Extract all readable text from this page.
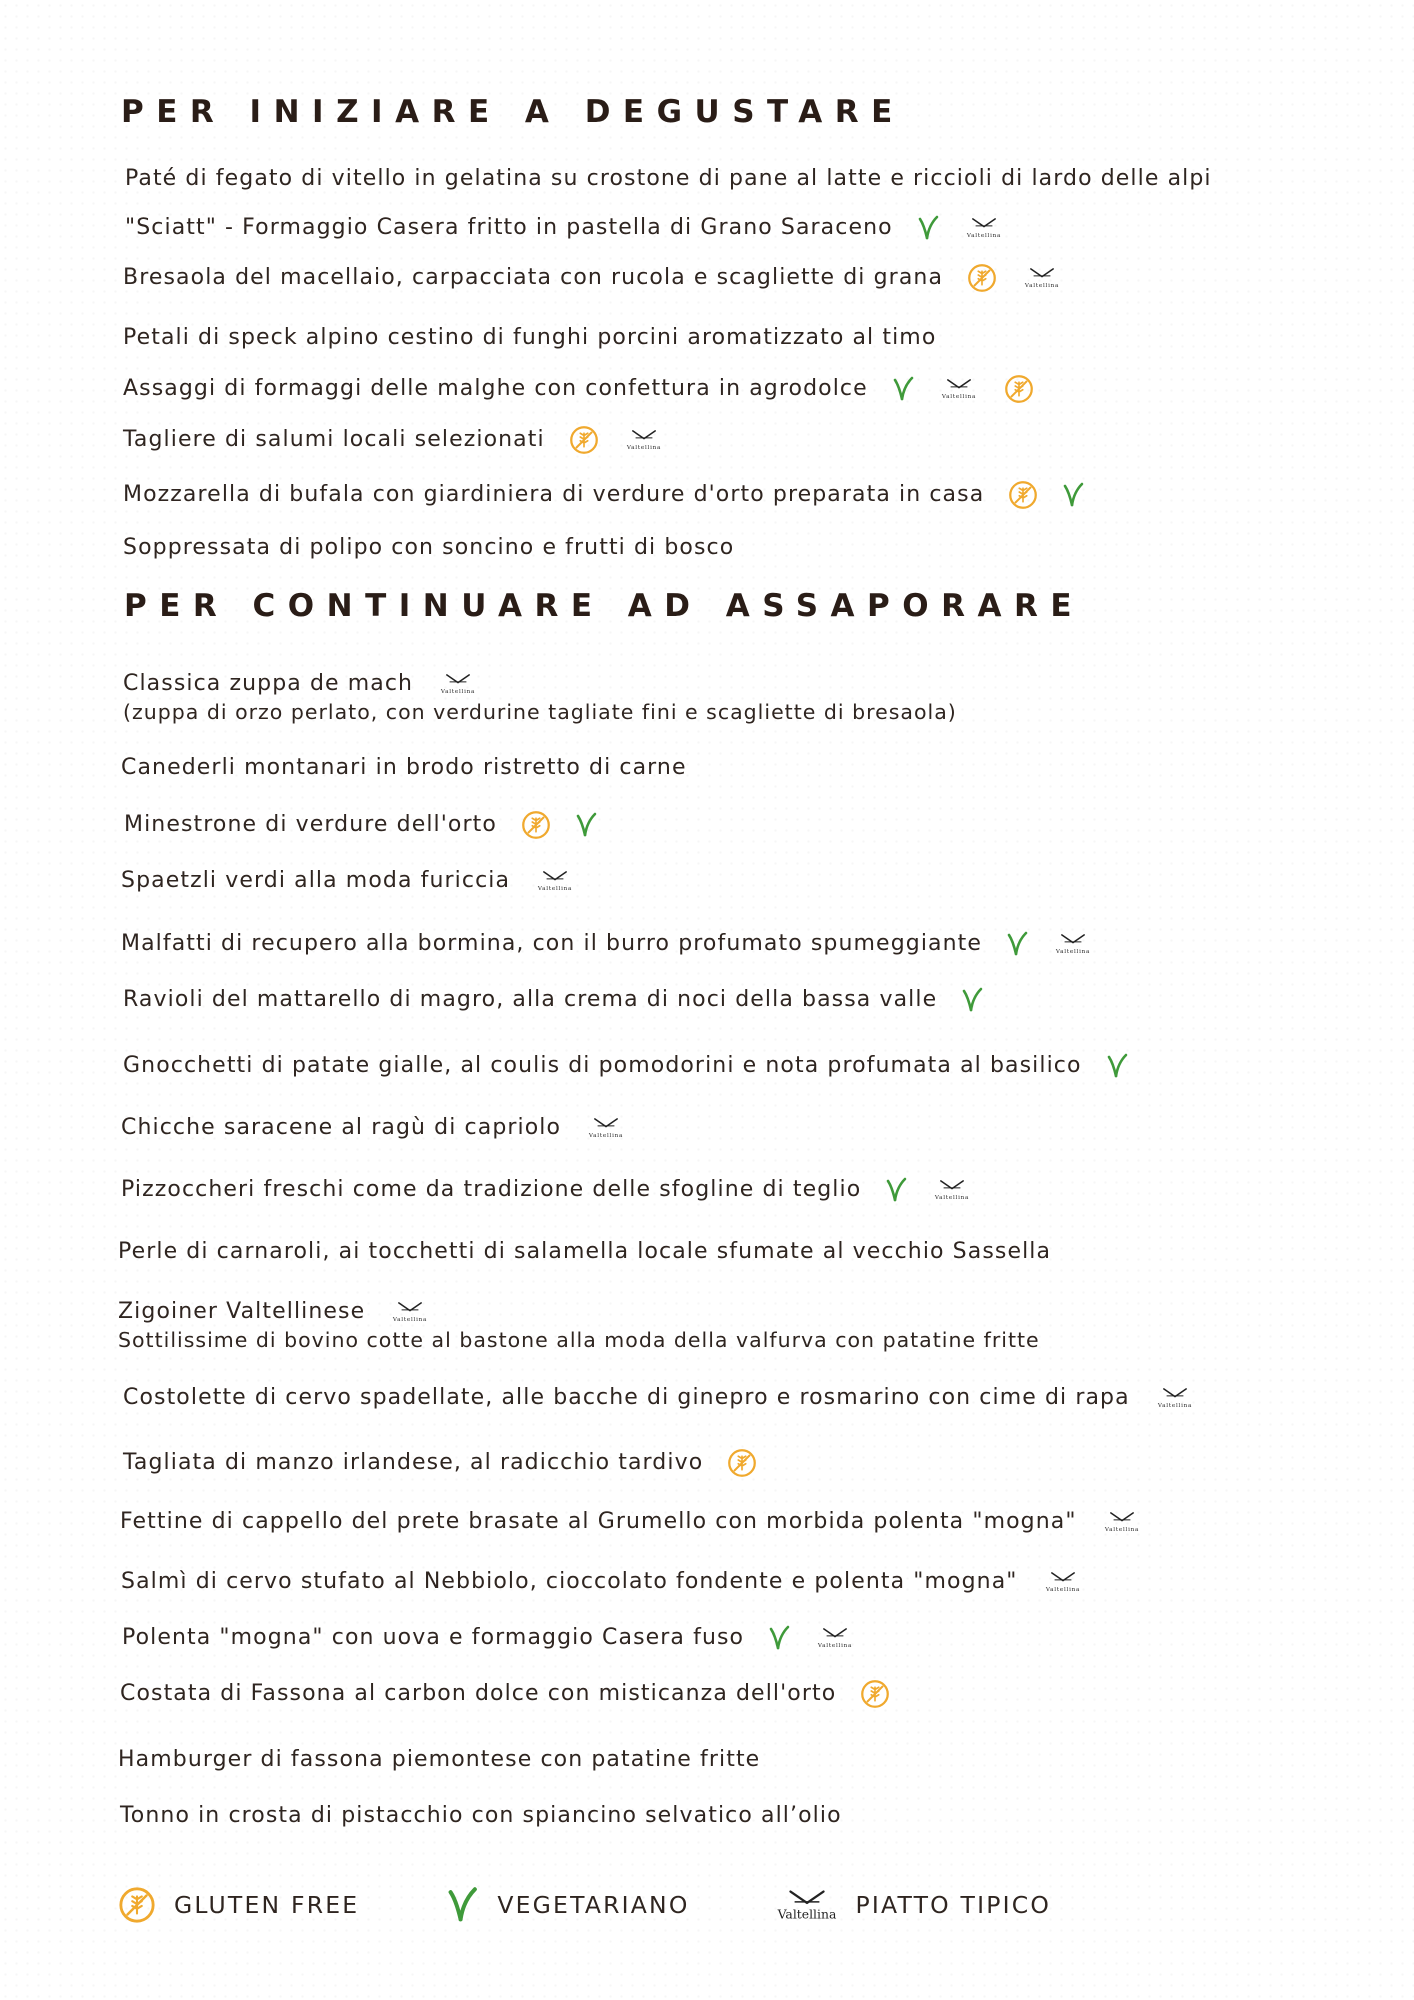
PER INIZIARE A DEGUSTARE
Paté di fegato di vitello in gelatina su crostone di pane al latte e riccioli di lardo delle alpi
"Sciatt" - Formaggio Casera fritto in pastella di Grano Saraceno	Valtellina
Bresaola del macellaio, carpacciata con rucola e scagliette di grana	Valtellina
Petali di speck alpino cestino di funghi porcini aromatizzato al timo
Assaggi di formaggi delle malghe con confettura in agrodolce	Valtellina
Tagliere di salumi locali selezionati	Valtellina
Mozzarella di bufala con giardiniera di verdure d'orto preparata in casa
Soppressata di polipo con soncino e frutti di bosco
PER CONTINUARE AD ASSAPORARE
Classica zuppa de mach	Valtellina
(zuppa di orzo perlato, con verdurine tagliate fini e scagliette di bresaola)
Canederli montanari in brodo ristretto di carne
Minestrone di verdure dell'orto
Spaetzli verdi alla moda furiccia	Valtellina
Malfatti di recupero alla bormina, con il burro profumato spumeggiante	Valtellina
Ravioli del mattarello di magro, alla crema di noci della bassa valle
Gnocchetti di patate gialle, al coulis di pomodorini e nota profumata al basilico
Chicche saracene al ragù di capriolo	Valtellina
Pizzoccheri freschi come da tradizione delle sfogline di teglio	Valtellina
Perle di carnaroli, ai tocchetti di salamella locale sfumate al vecchio Sassella
Zigoiner Valtellinese	Valtellina
Sottilissime di bovino cotte al bastone alla moda della valfurva con patatine fritte
Costolette di cervo spadellate, alle bacche di ginepro e rosmarino con cime di rapa	Valtellina
Tagliata di manzo irlandese, al radicchio tardivo
Fettine di cappello del prete brasate al Grumello con morbida polenta "mogna"	Valtellina
Salmì di cervo stufato al Nebbiolo, cioccolato fondente e polenta "mogna"	Valtellina
Polenta "mogna" con uova e formaggio Casera fuso	Valtellina
Costata di Fassona al carbon dolce con misticanza dell'orto
Hamburger di fassona piemontese con patatine fritte
Tonno in crosta di pistacchio con spiancino selvatico all’olio
GLUTEN FREE	VEGETARIANO	Valtellina PIATTO TIPICO
